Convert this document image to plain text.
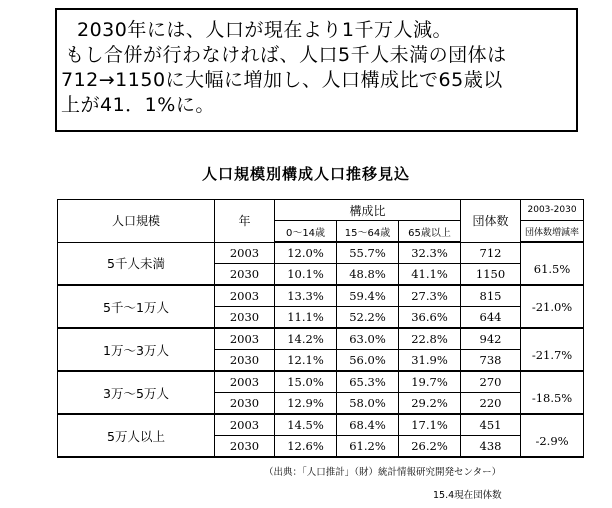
2030年には、人口が現在より1千万人減。
もし合併が行わなければ、人口5千人未満の団体は
712→1150に大幅に増加し、人口構成比で65歳以
上が41．1%に。
人口規模別構成人口推移見込
人口規模	年	構成比			団体数	2003-2030
		0～14歳	15～64歳	65歳以上		団体数増減率
5千人未満	2003	12.0%	55.7%	32.3%	712	61.5%
	2030	10.1%	48.8%	41.1%	1150	
5千～1万人	2003	13.3%	59.4%	27.3%	815	-21.0%
	2030	11.1%	52.2%	36.6%	644	
1万～3万人	2003	14.2%	63.0%	22.8%	942	-21.7%
	2030	12.1%	56.0%	31.9%	738	
3万～5万人	2003	15.0%	65.3%	19.7%	270	-18.5%
	2030	12.9%	58.0%	29.2%	220	
5万人以上	2003	14.5%	68.4%	17.1%	451	-2.9%
	2030	12.6%	61.2%	26.2%	438	
（出典：「人口推計」（財）統計情報研究開発センター）
15.4現在団体数
